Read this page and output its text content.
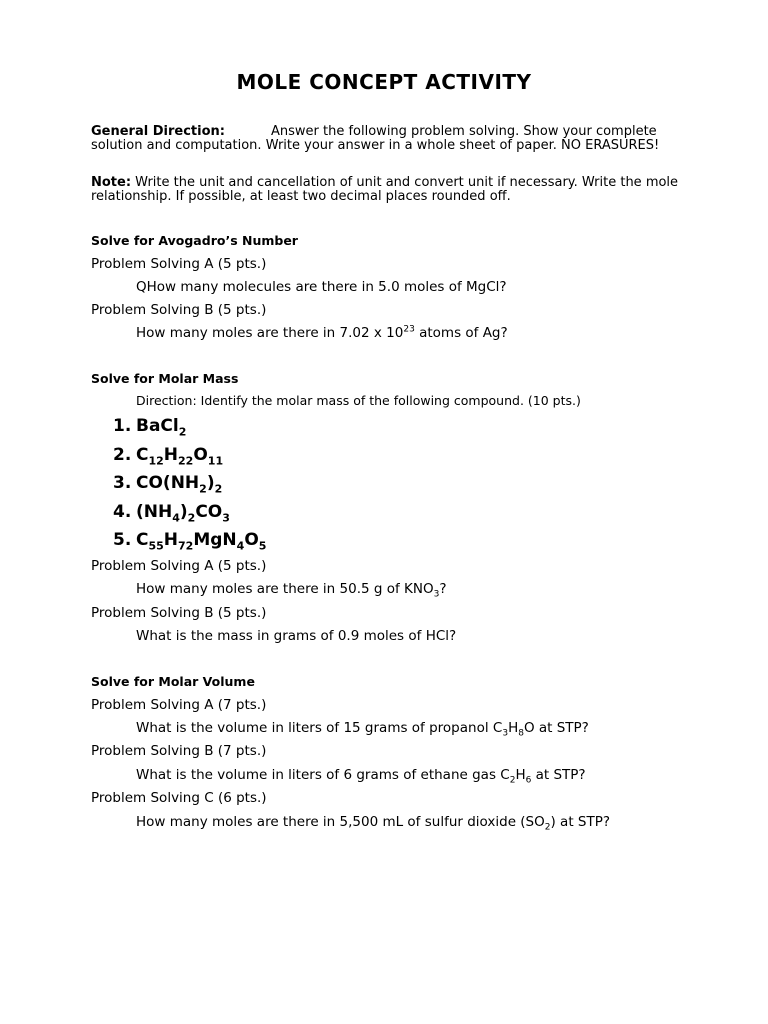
MOLE CONCEPT ACTIVITY
General Direction:	Answer the following problem solving. Show your complete solution and computation. Write your answer in a whole sheet of paper. NO ERASURES!
Note: Write the unit and cancellation of unit and convert unit if necessary. Write the mole relationship. If possible, at least two decimal places rounded off.
Solve for Avogadro’s Number
Problem Solving A (5 pts.)
QHow many molecules are there in 5.0 moles of MgCl?
Problem Solving B (5 pts.)
How many moles are there in 7.02 x $10^{23}$ atoms of Ag?
Solve for Molar Mass
Direction: Identify the molar mass of the following compound. (10 pts.)
1. BaCl$_2$
2. $C_{12}H_{22}O_{11}$
3. $CO(NH_2)_2$
4. $(NH_4)_2CO_3$
5. $C_{55}H_{72}MgN_4O_5$
Problem Solving A (5 pts.)
How many moles are there in 50.5 g of $KNO_3$?
Problem Solving B (5 pts.)
What is the mass in grams of 0.9 moles of HCl?
Solve for Molar Volume
Problem Solving A (7 pts.)
What is the volume in liters of 15 grams of propanol $C_3H_8O$ at STP?
Problem Solving B (7 pts.)
What is the volume in liters of 6 grams of ethane gas $C_2H_6$ at STP?
Problem Solving C (6 pts.)
How many moles are there in 5,500 mL of sulfur dioxide $(SO_2)$ at STP?
